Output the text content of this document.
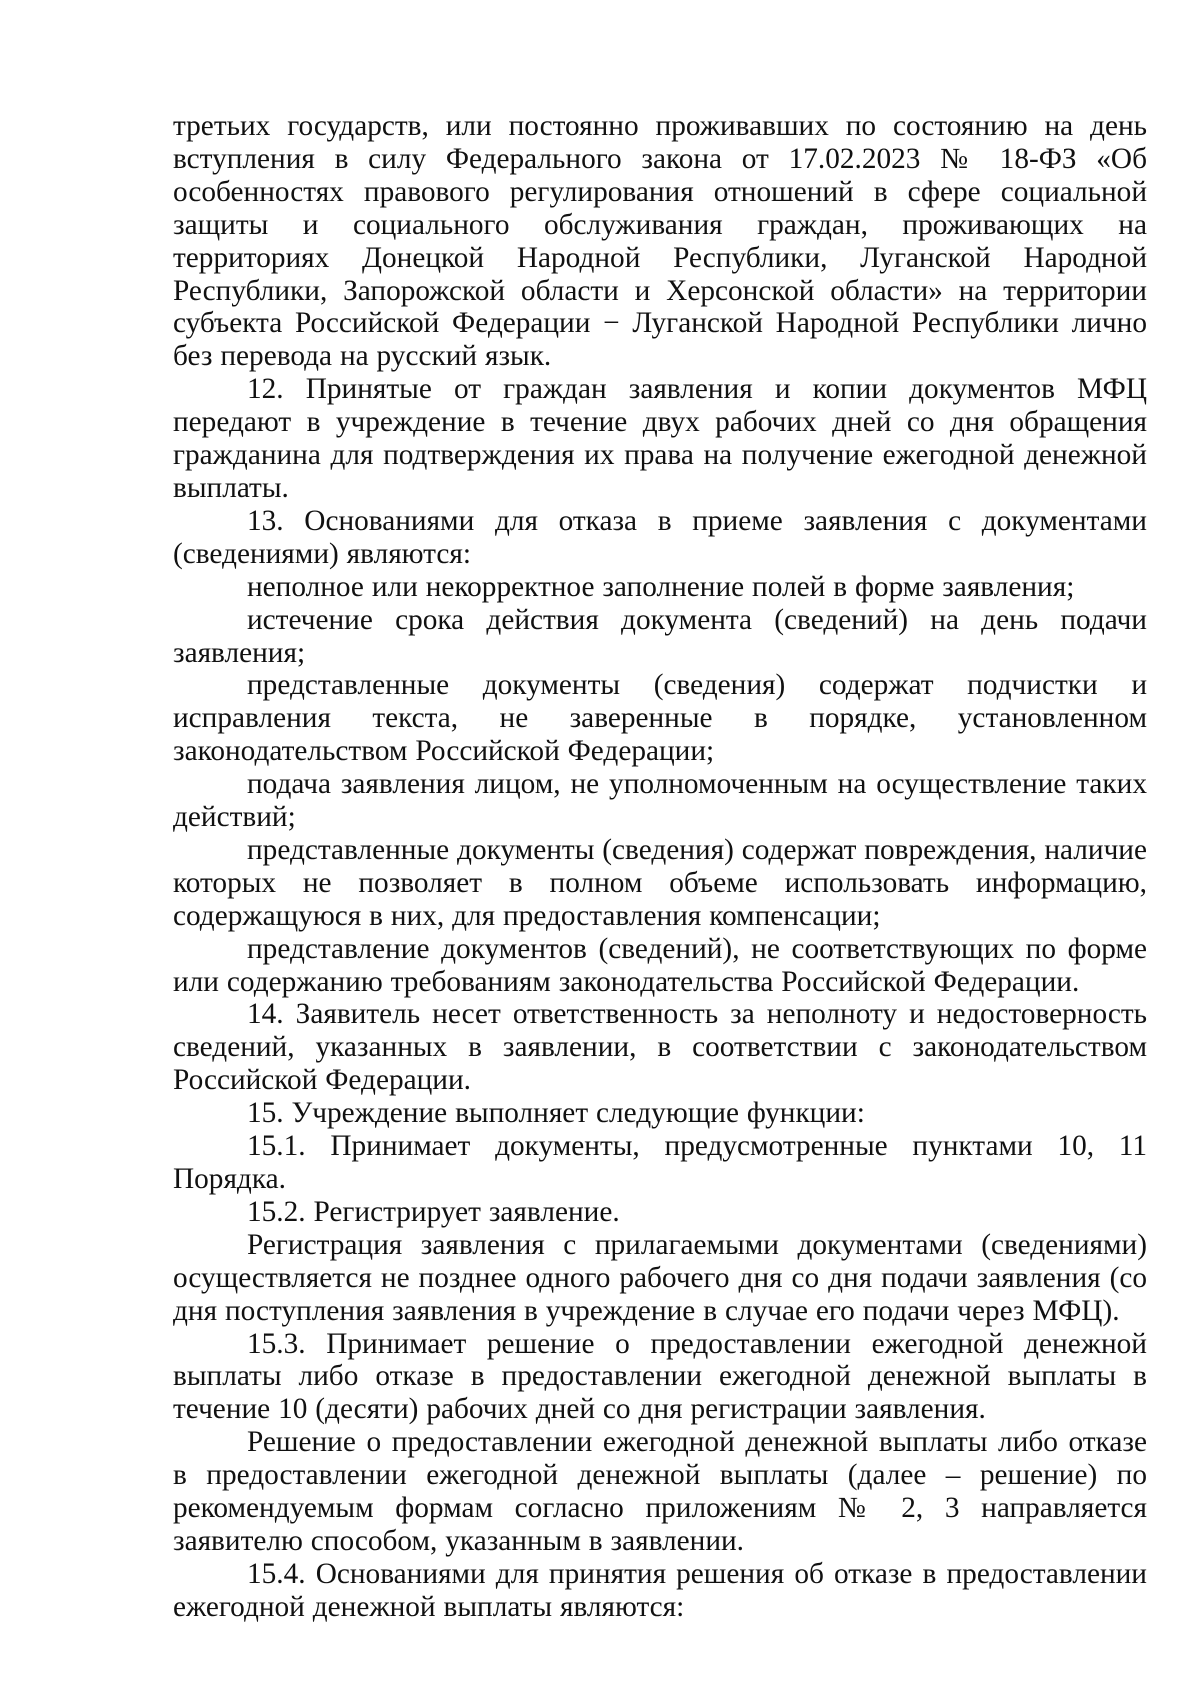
третьих государств, или постоянно проживавших по состоянию на день вступления в силу Федерального закона от 17.02.2023 № 18-ФЗ «Об особенностях правового регулирования отношений в сфере социальной защиты и социального обслуживания граждан, проживающих на территориях Донецкой Народной Республики, Луганской Народной Республики, Запорожской области и Херсонской области» на территории субъекта Российской Федерации − Луганской Народной Республики лично без перевода на русский язык.

12. Принятые от граждан заявления и копии документов МФЦ передают в учреждение в течение двух рабочих дней со дня обращения гражданина для подтверждения их права на получение ежегодной денежной выплаты.

13. Основаниями для отказа в приеме заявления с документами (сведениями) являются:

неполное или некорректное заполнение полей в форме заявления;

истечение срока действия документа (сведений) на день подачи заявления;

представленные документы (сведения) содержат подчистки и исправления текста, не заверенные в порядке, установленном законодательством Российской Федерации;

подача заявления лицом, не уполномоченным на осуществление таких действий;

представленные документы (сведения) содержат повреждения, наличие которых не позволяет в полном объеме использовать информацию, содержащуюся в них, для предоставления компенсации;

представление документов (сведений), не соответствующих по форме или содержанию требованиям законодательства Российской Федерации.

14. Заявитель несет ответственность за неполноту и недостоверность сведений, указанных в заявлении, в соответствии с законодательством Российской Федерации.

15. Учреждение выполняет следующие функции:

15.1. Принимает документы, предусмотренные пунктами 10, 11 Порядка.

15.2. Регистрирует заявление.

Регистрация заявления с прилагаемыми документами (сведениями) осуществляется не позднее одного рабочего дня со дня подачи заявления (со дня поступления заявления в учреждение в случае его подачи через МФЦ).

15.3. Принимает решение о предоставлении ежегодной денежной выплаты либо отказе в предоставлении ежегодной денежной выплаты в течение 10 (десяти) рабочих дней со дня регистрации заявления.

Решение о предоставлении ежегодной денежной выплаты либо отказе в предоставлении ежегодной денежной выплаты (далее – решение) по рекомендуемым формам согласно приложениям № 2, 3 направляется заявителю способом, указанным в заявлении.

15.4. Основаниями для принятия решения об отказе в предоставлении ежегодной денежной выплаты являются:
